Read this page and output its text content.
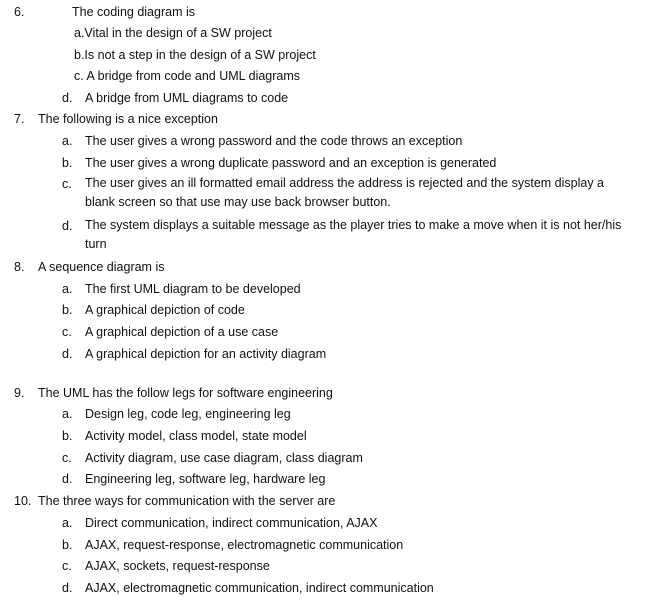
6.	The coding diagram is
a.Vital in the design of a SW project
b.Is not a step in the design of a SW project
c. A bridge from code and UML diagrams
d. A bridge from UML diagrams to code
7. The following is a nice exception
a. The user gives a wrong password and the code throws an exception
b. The user gives a wrong duplicate password and an exception is generated
c. The user gives an ill formatted email address the address is rejected and the system display a blank screen so that use may use back browser button.
d. The system displays a suitable message as the player tries to make a move when it is not her/his turn
8. A sequence diagram is
a. The first UML diagram to be developed
b. A graphical depiction of code
c. A graphical depiction of a use case
d. A graphical depiction for an activity diagram
9. The UML has the follow legs for software engineering
a. Design leg, code leg, engineering leg
b. Activity model, class model, state model
c. Activity diagram, use case diagram, class diagram
d. Engineering leg, software leg, hardware leg
10. The three ways for communication with the server are
a. Direct communication, indirect communication, AJAX
b. AJAX, request-response, electromagnetic communication
c. AJAX, sockets, request-response
d. AJAX, electromagnetic communication, indirect communication
